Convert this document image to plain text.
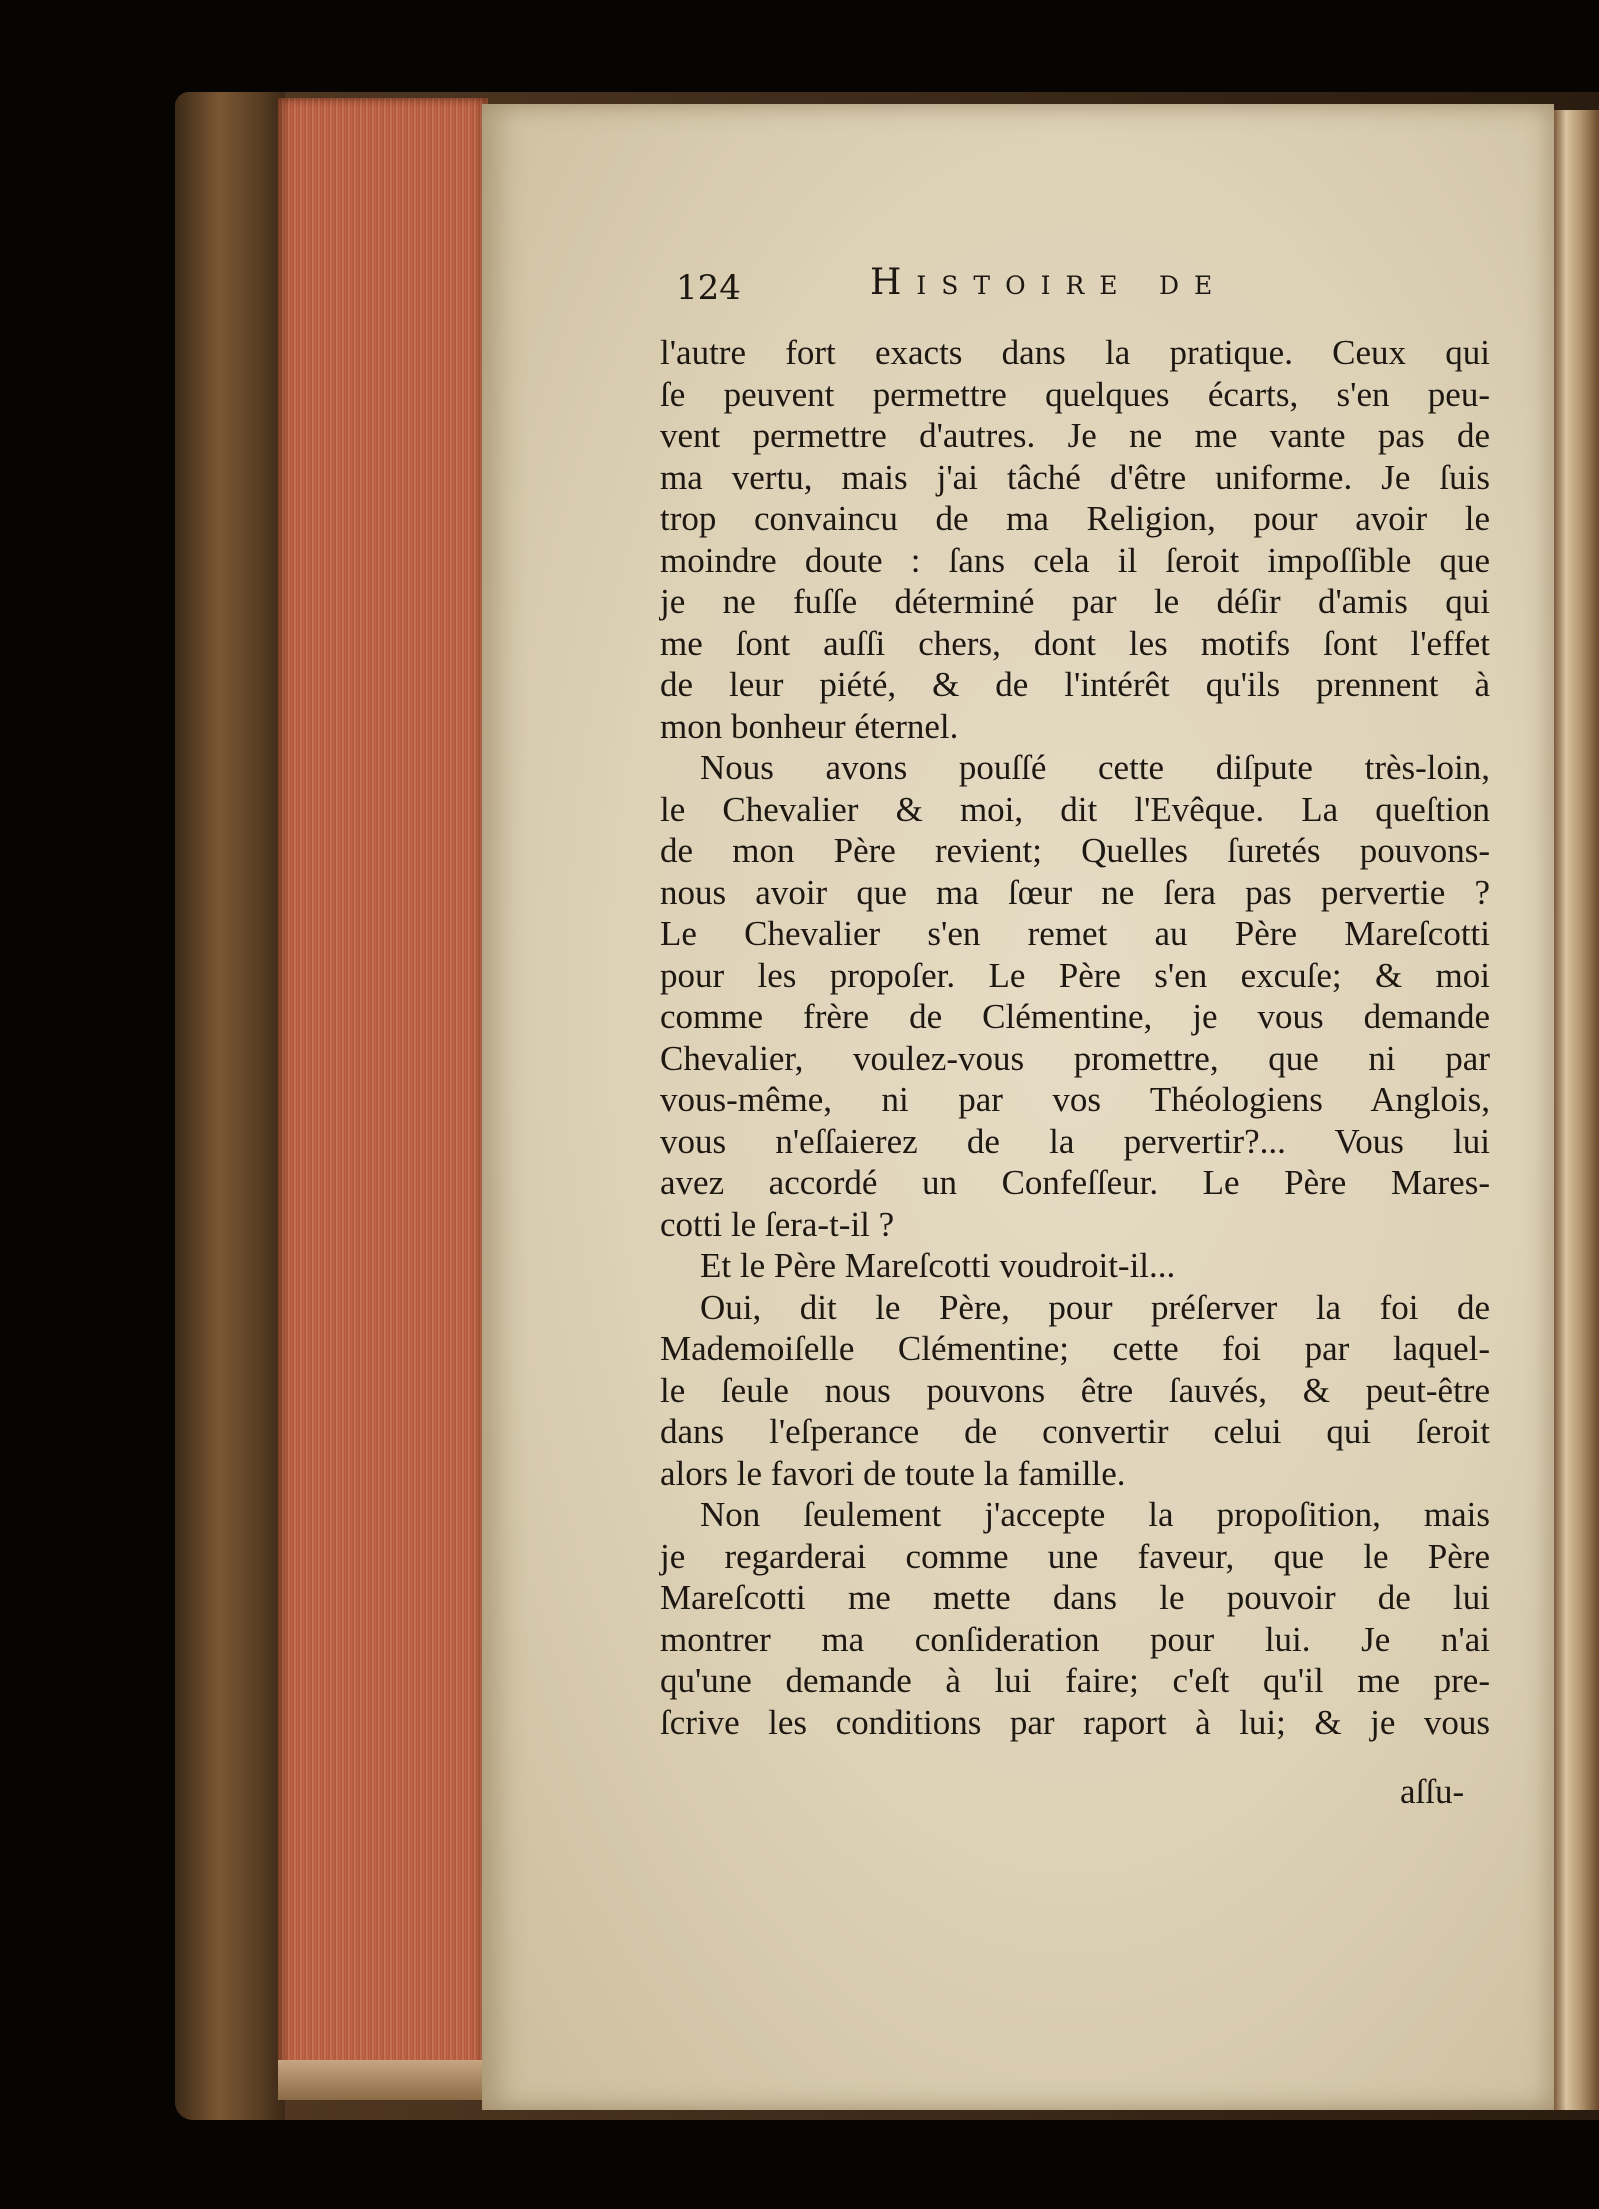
124	Histoire de
l'autre fort exacts dans la pratique. Ceux qui
ſe peuvent permettre quelques écarts, s'en peu-
vent permettre d'autres. Je ne me vante pas de
ma vertu, mais j'ai tâché d'être uniforme. Je ſuis
trop convaincu de ma Religion, pour avoir le
moindre doute : ſans cela il ſeroit impoſſible que
je ne fuſſe déterminé par le déſir d'amis qui
me ſont auſſi chers, dont les motifs ſont l'effet
de leur piété, & de l'intérêt qu'ils prennent à
mon bonheur éternel.
Nous avons pouſſé cette diſpute très-loin,
le Chevalier & moi, dit l'Evêque. La queſtion
de mon Père revient; Quelles ſuretés pouvons-
nous avoir que ma ſœur ne ſera pas pervertie ?
Le Chevalier s'en remet au Père Mareſcotti
pour les propoſer. Le Père s'en excuſe; & moi
comme frère de Clémentine, je vous demande
Chevalier, voulez-vous promettre, que ni par
vous-même, ni par vos Théologiens Anglois,
vous n'eſſaierez de la pervertir?... Vous lui
avez accordé un Confeſſeur. Le Père Mares-
cotti le ſera-t-il ?
Et le Père Mareſcotti voudroit-il...
Oui, dit le Père, pour préſerver la foi de
Mademoiſelle Clémentine; cette foi par laquel-
le ſeule nous pouvons être ſauvés, & peut-être
dans l'eſperance de convertir celui qui ſeroit
alors le favori de toute la famille.
Non ſeulement j'accepte la propoſition, mais
je regarderai comme une faveur, que le Père
Mareſcotti me mette dans le pouvoir de lui
montrer ma conſideration pour lui. Je n'ai
qu'une demande à lui faire; c'eſt qu'il me pre-
ſcrive les conditions par raport à lui; & je vous
aſſu-
